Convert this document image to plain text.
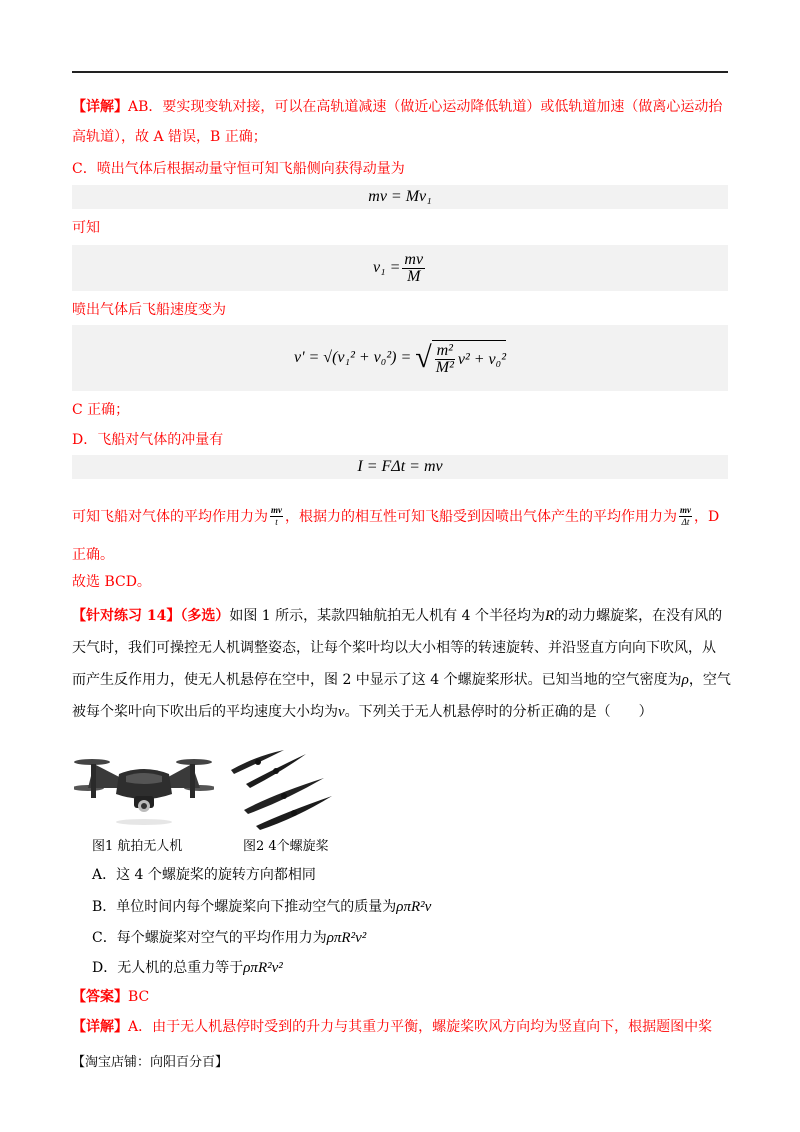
【详解】AB．要实现变轨对接，可以在高轨道减速（做近心运动降低轨道）或低轨道加速（做离心运动抬
高轨道），故 A 错误，B 正确；
C．喷出气体后根据动量守恒可知飞船侧向获得动量为
mv = Mv₁
可知
$v_1 = \frac{mv}{M}$
喷出气体后飞船速度变为
v' = √(v₁² + v₀²) = √ $\frac{\text{m²}}{\text{M²}} v^2 + v_0^2$
C 正确；
D．飞船对气体的冲量有
I = FΔt = mv
可知飞船对气体的平均作用力为 $\frac{mv}{t}$ ，根据力的相互性可知飞船受到因喷出气体产生的平均作用力为 $\frac{mv}{\Delta t}$ ，D
正确。
故选 BCD。
【针对练习 14】（多选）如图 1 所示，某款四轴航拍无人机有 4 个半径均为R的动力螺旋桨，在没有风的
天气时，我们可操控无人机调整姿态，让每个桨叶均以大小相等的转速旋转、并沿竖直方向向下吹风，从
而产生反作用力，使无人机悬停在空中，图 2 中显示了这 4 个螺旋桨形状。已知当地的空气密度为ρ，空气
被每个桨叶向下吹出后的平均速度大小均为v。下列关于无人机悬停时的分析正确的是（　　）
图1 航拍无人机	图2 4个螺旋桨
A．这 4 个螺旋桨的旋转方向都相同
B．单位时间内每个螺旋桨向下推动空气的质量为ρπR²v
C．每个螺旋桨对空气的平均作用力为ρπR²v²
D．无人机的总重力等于ρπR²v²
【答案】BC
【详解】A．由于无人机悬停时受到的升力与其重力平衡，螺旋桨吹风方向均为竖直向下，根据题图中桨
【淘宝店铺：向阳百分百】
